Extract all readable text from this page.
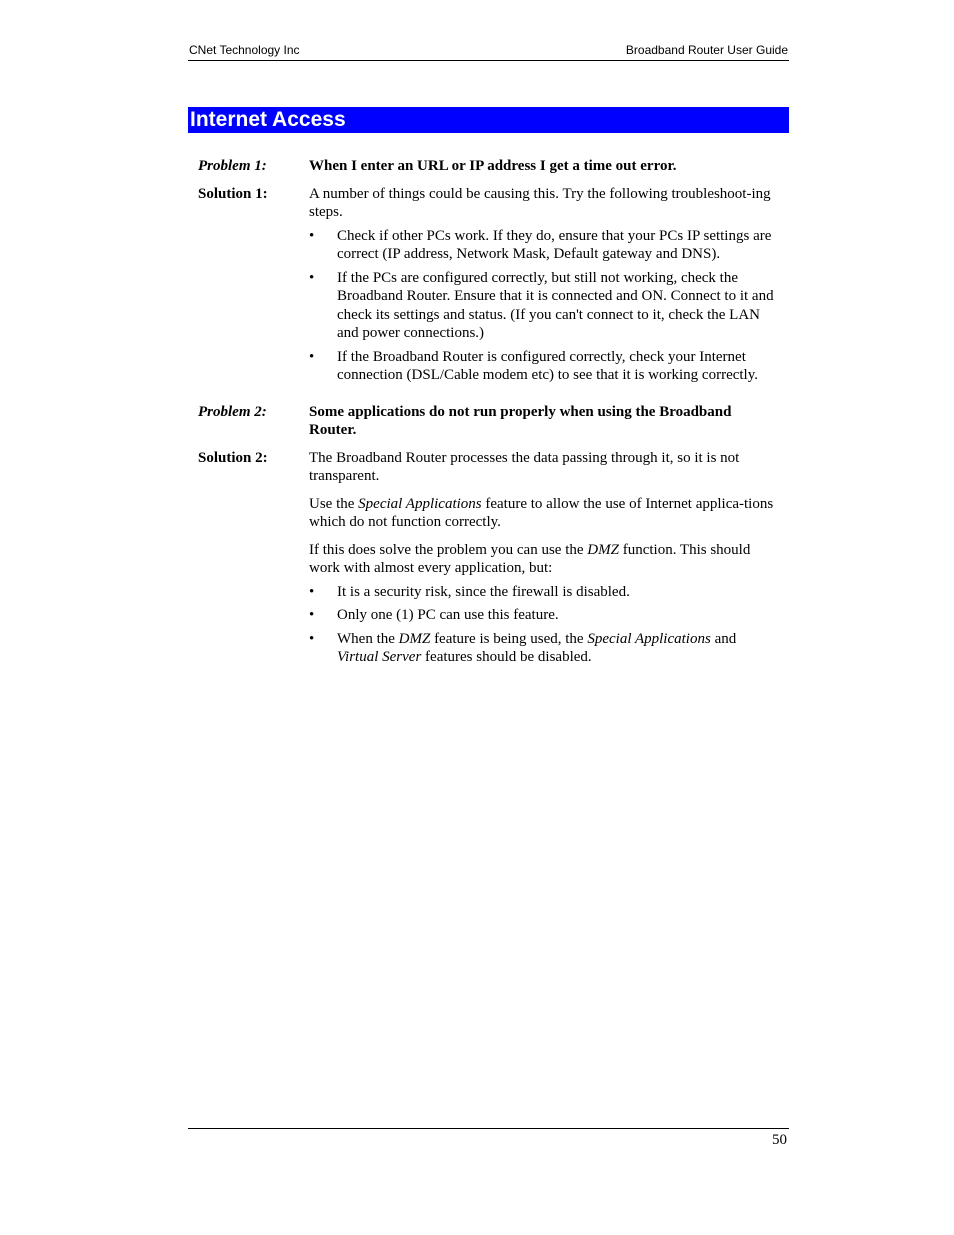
CNet Technology Inc	Broadband Router User Guide
Internet Access
Problem 1:	When I enter an URL or IP address I get a time out error.
Solution 1:	A number of things could be causing this. Try the following troubleshoot-ing steps.
• Check if other PCs work. If they do, ensure that your PCs IP settings are correct (IP address, Network Mask, Default gateway and DNS).
• If the PCs are configured correctly, but still not working, check the Broadband Router. Ensure that it is connected and ON. Connect to it and check its settings and status. (If you can't connect to it, check the LAN and power connections.)
• If the Broadband Router is configured correctly, check your Internet connection (DSL/Cable modem etc) to see that it is working correctly.
Problem 2:	Some applications do not run properly when using the Broadband Router.
Solution 2:	The Broadband Router processes the data passing through it, so it is not transparent.
Use the Special Applications feature to allow the use of Internet applica-tions which do not function correctly.
If this does solve the problem you can use the DMZ function. This should work with almost every application, but:
• It is a security risk, since the firewall is disabled.
• Only one (1) PC can use this feature.
• When the DMZ feature is being used, the Special Applications and Virtual Server features should be disabled.
50
